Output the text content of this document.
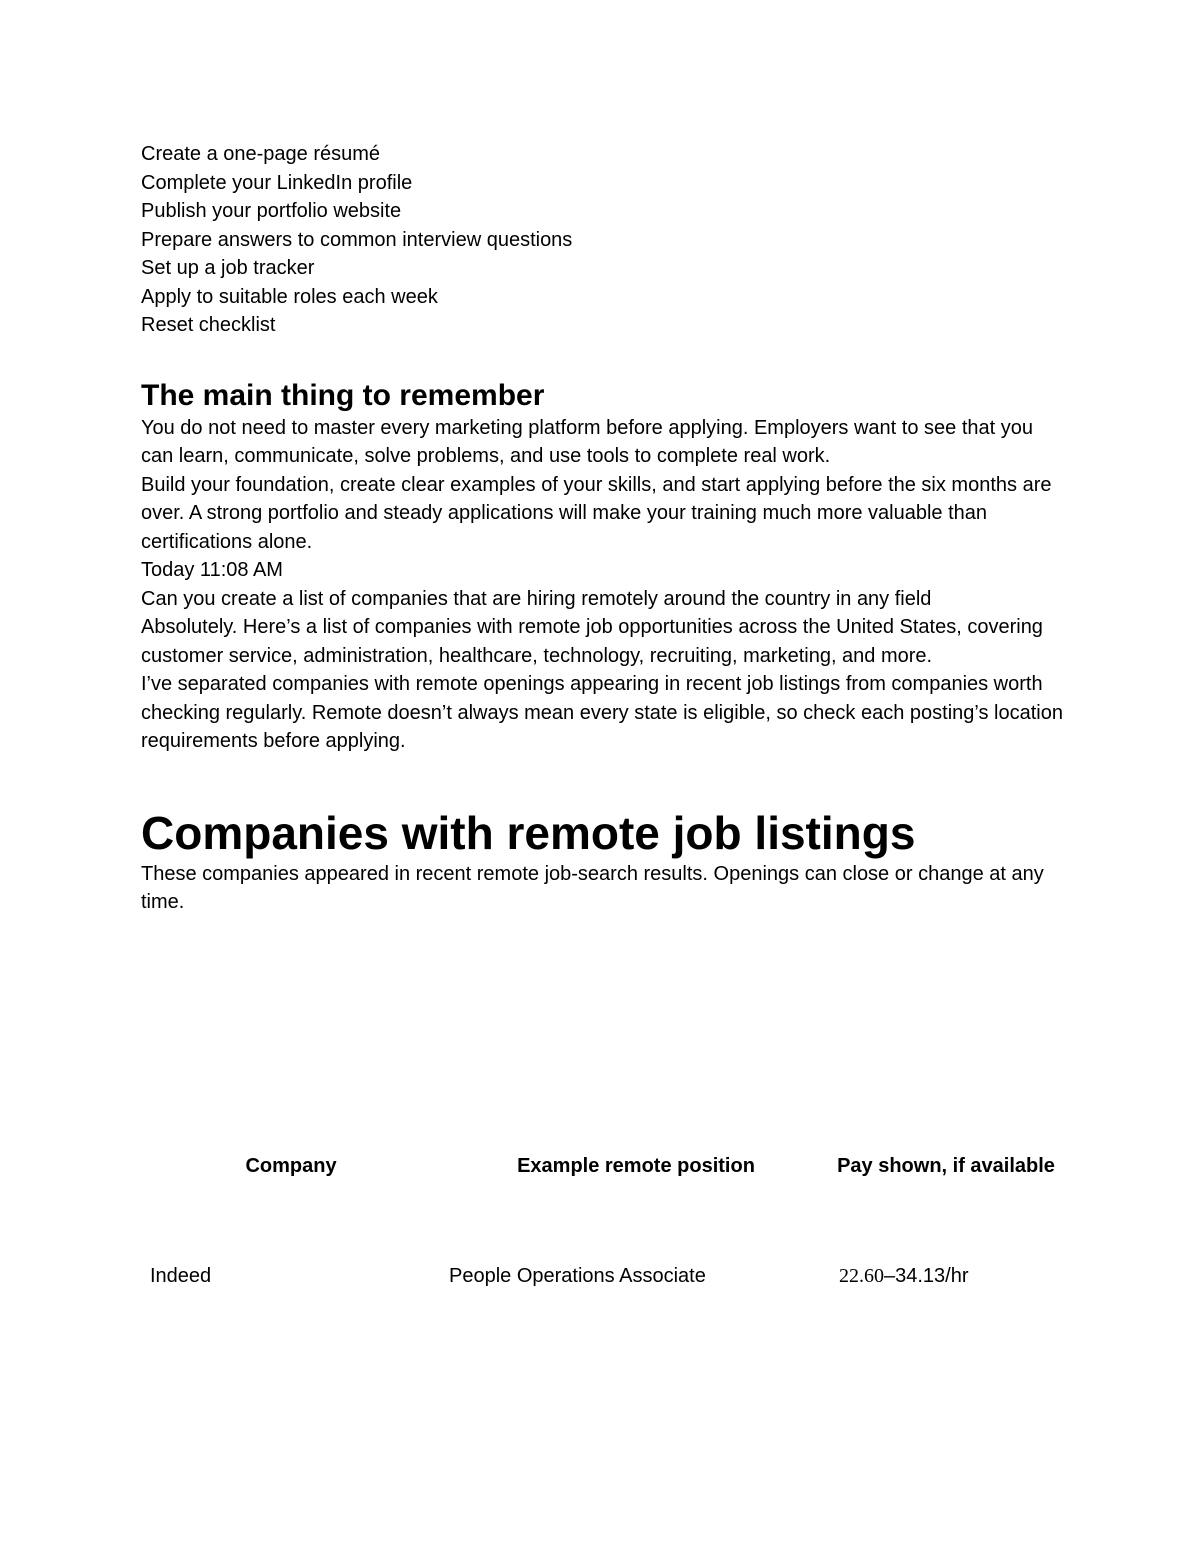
Create a one-page résumé
Complete your LinkedIn profile
Publish your portfolio website
Prepare answers to common interview questions
Set up a job tracker
Apply to suitable roles each week
Reset checklist
The main thing to remember

You do not need to master every marketing platform before applying. Employers want to see that you can learn, communicate, solve problems, and use tools to complete real work.

Build your foundation, create clear examples of your skills, and start applying before the six months are over. A strong portfolio and steady applications will make your training much more valuable than certifications alone.

Today 11:08 AM
Can you create a list of companies that are hiring remotely around the country in any field

Absolutely. Here’s a list of companies with remote job opportunities across the United States, covering customer service, administration, healthcare, technology, recruiting, marketing, and more.

I’ve separated companies with remote openings appearing in recent job listings from companies worth checking regularly. Remote doesn’t always mean every state is eligible, so check each posting’s location requirements before applying.

Companies with remote job listings

These companies appeared in recent remote job-search results. Openings can close or change at any time.

Company	Example remote position	Pay shown, if available
Indeed	People Operations Associate	22.60–34.13/hr
